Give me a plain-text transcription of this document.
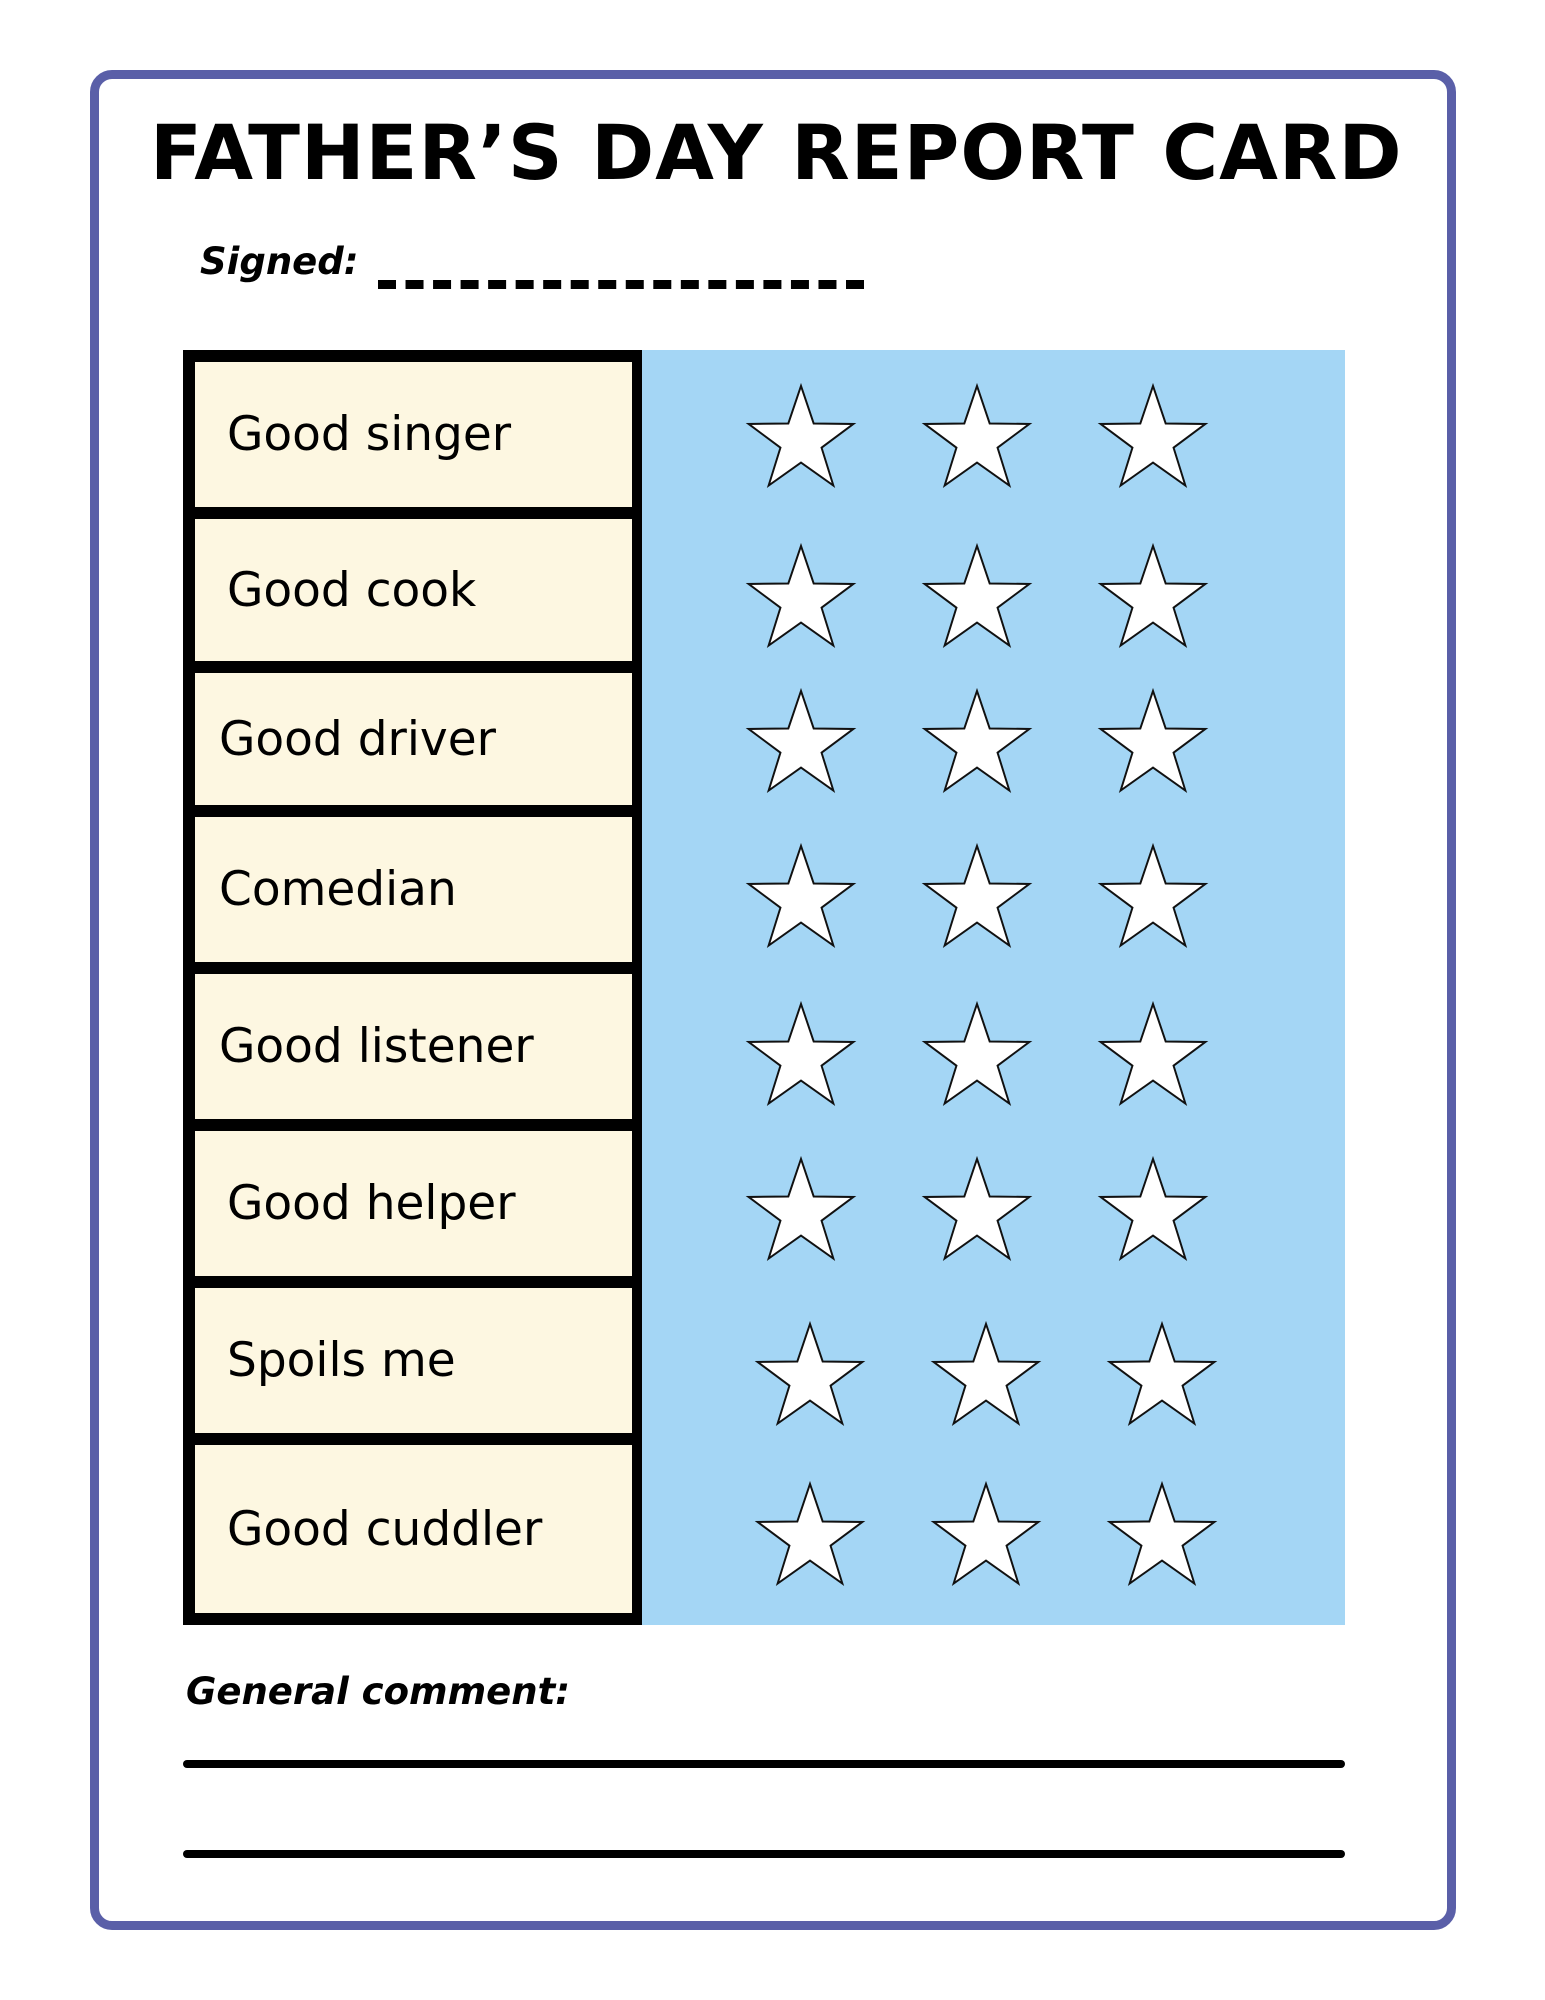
FATHER’S DAY REPORT CARD
Signed:
Good singer
Good cook
Good driver
Comedian
Good listener
Good helper
Spoils me
Good cuddler
General comment:
